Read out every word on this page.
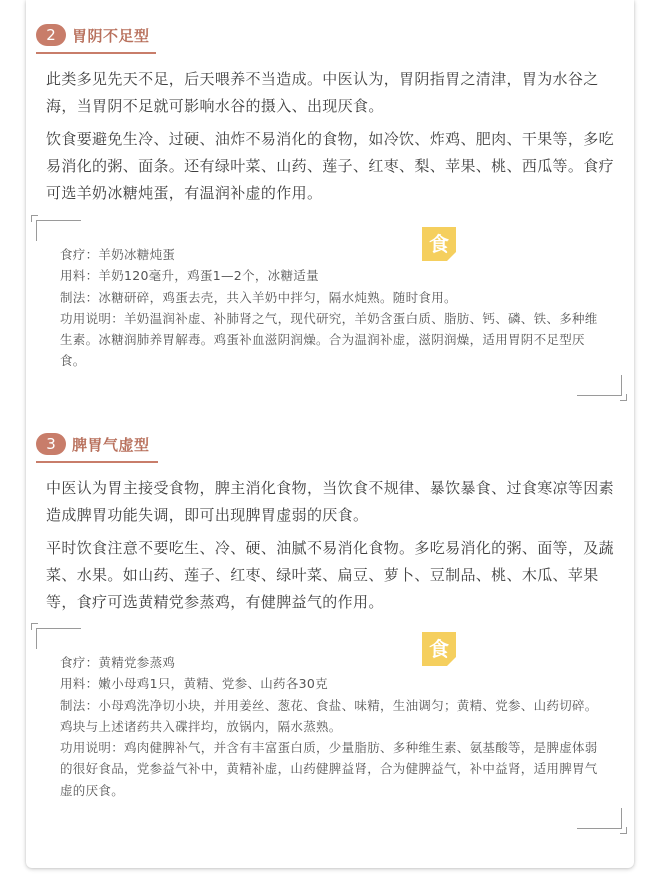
2	胃阴不足型

此类多见先天不足，后天喂养不当造成。中医认为，胃阴指胃之清津，胃为水谷之海，当胃阴不足就可影响水谷的摄入、出现厌食。

饮食要避免生冷、过硬、油炸不易消化的食物，如冷饮、炸鸡、肥肉、干果等，多吃易消化的粥、面条。还有绿叶菜、山药、莲子、红枣、梨、苹果、桃、西瓜等。食疗可选羊奶冰糖炖蛋，有温润补虚的作用。

食

食疗：羊奶冰糖炖蛋

用料：羊奶120毫升，鸡蛋1—2个，冰糖适量

制法：冰糖研碎，鸡蛋去壳，共入羊奶中拌匀，隔水炖熟。随时食用。

功用说明：羊奶温润补虚、补肺肾之气，现代研究，羊奶含蛋白质、脂肪、钙、磷、铁、多种维生素。冰糖润肺养胃解毒。鸡蛋补血滋阴润燥。合为温润补虚，滋阴润燥，适用胃阴不足型厌食。

3	脾胃气虚型

中医认为胃主接受食物，脾主消化食物，当饮食不规律、暴饮暴食、过食寒凉等因素造成脾胃功能失调，即可出现脾胃虚弱的厌食。

平时饮食注意不要吃生、冷、硬、油腻不易消化食物。多吃易消化的粥、面等，及蔬菜、水果。如山药、莲子、红枣、绿叶菜、扁豆、萝卜、豆制品、桃、木瓜、苹果等，食疗可选黄精党参蒸鸡，有健脾益气的作用。

食

食疗：黄精党参蒸鸡

用料：嫩小母鸡1只，黄精、党参、山药各30克

制法：小母鸡洗净切小块，并用姜丝、葱花、食盐、味精，生油调匀；黄精、党参、山药切碎。鸡块与上述诸药共入碟拌均，放锅内，隔水蒸熟。

功用说明：鸡肉健脾补气，并含有丰富蛋白质，少量脂肪、多种维生素、氨基酸等，是脾虚体弱的很好食品，党参益气补中，黄精补虚，山药健脾益肾，合为健脾益气，补中益肾，适用脾胃气虚的厌食。
